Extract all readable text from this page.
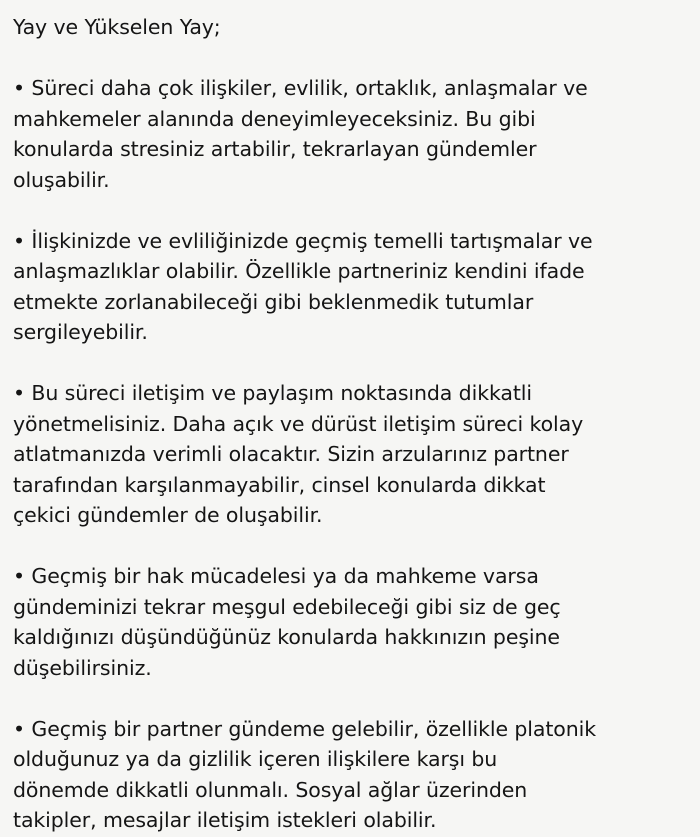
Yay ve Yükselen Yay;
• Süreci daha çok ilişkiler, evlilik, ortaklık, anlaşmalar ve
mahkemeler alanında deneyimleyeceksiniz. Bu gibi
konularda stresiniz artabilir, tekrarlayan gündemler
oluşabilir.
• İlişkinizde ve evliliğinizde geçmiş temelli tartışmalar ve
anlaşmazlıklar olabilir. Özellikle partneriniz kendini ifade
etmekte zorlanabileceği gibi beklenmedik tutumlar
sergileyebilir.
• Bu süreci iletişim ve paylaşım noktasında dikkatli
yönetmelisiniz. Daha açık ve dürüst iletişim süreci kolay
atlatmanızda verimli olacaktır. Sizin arzularınız partner
tarafından karşılanmayabilir, cinsel konularda dikkat
çekici gündemler de oluşabilir.
• Geçmiş bir hak mücadelesi ya da mahkeme varsa
gündeminizi tekrar meşgul edebileceği gibi siz de geç
kaldığınızı düşündüğünüz konularda hakkınızın peşine
düşebilirsiniz.
• Geçmiş bir partner gündeme gelebilir, özellikle platonik
olduğunuz ya da gizlilik içeren ilişkilere karşı bu
dönemde dikkatli olunmalı. Sosyal ağlar üzerinden
takipler, mesajlar iletişim istekleri olabilir.
